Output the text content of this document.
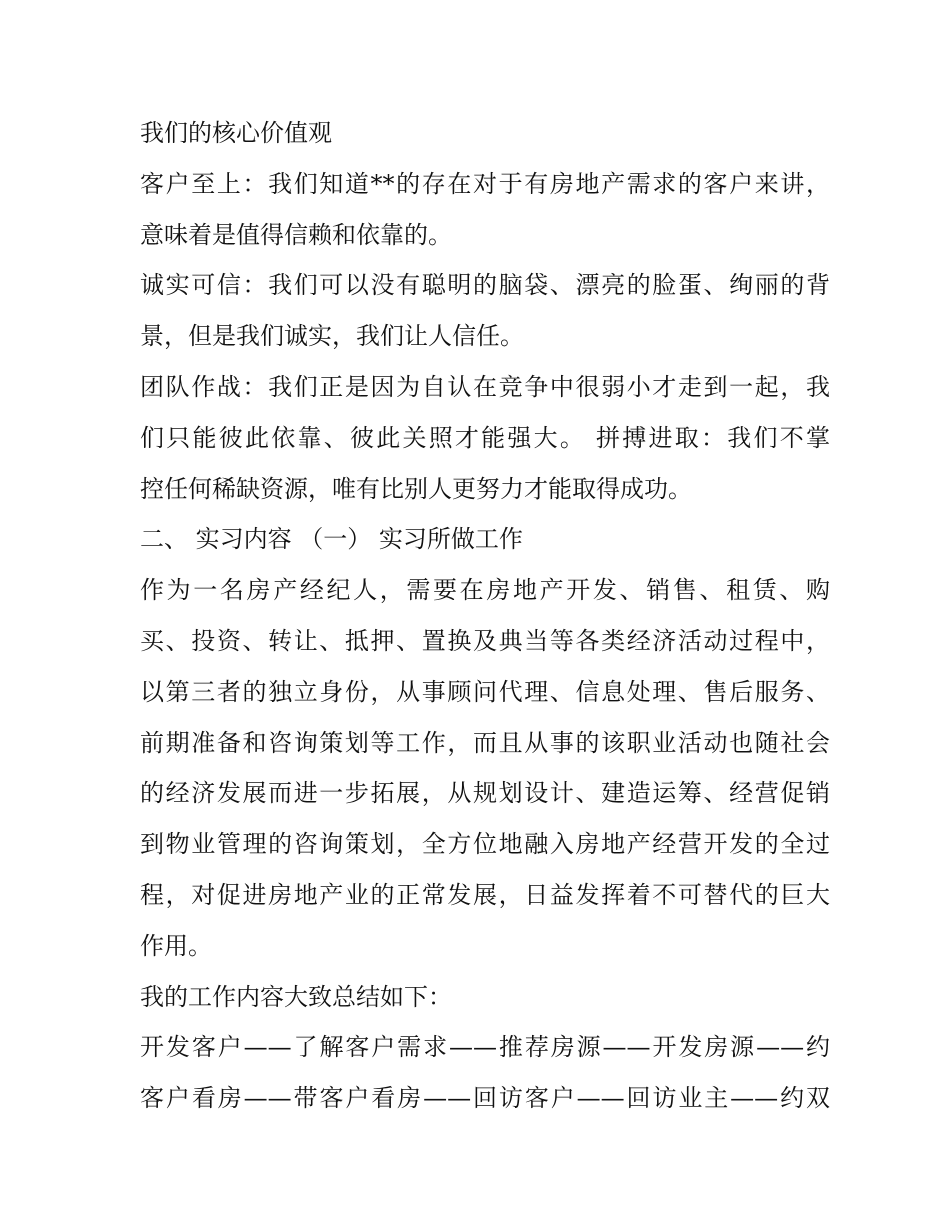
我们的核心价值观

客户至上：我们知道**的存在对于有房地产需求的客户来讲，
意味着是值得信赖和依靠的。

诚实可信：我们可以没有聪明的脑袋、漂亮的脸蛋、绚丽的背
景，但是我们诚实，我们让人信任。

团队作战：我们正是因为自认在竞争中很弱小才走到一起，我
们只能彼此依靠、彼此关照才能强大。 拼搏进取：我们不掌
控任何稀缺资源，唯有比别人更努力才能取得成功。

二、 实习内容 （一） 实习所做工作

作为一名房产经纪人，需要在房地产开发、销售、租赁、购
买、投资、转让、抵押、置换及典当等各类经济活动过程中，
以第三者的独立身份，从事顾问代理、信息处理、售后服务、
前期准备和咨询策划等工作，而且从事的该职业活动也随社会
的经济发展而进一步拓展，从规划设计、建造运筹、经营促销
到物业管理的咨询策划，全方位地融入房地产经营开发的全过
程，对促进房地产业的正常发展，日益发挥着不可替代的巨大
作用。

我的工作内容大致总结如下：

开发客户——了解客户需求——推荐房源——开发房源——约
客户看房——带客户看房——回访客户——回访业主——约双
